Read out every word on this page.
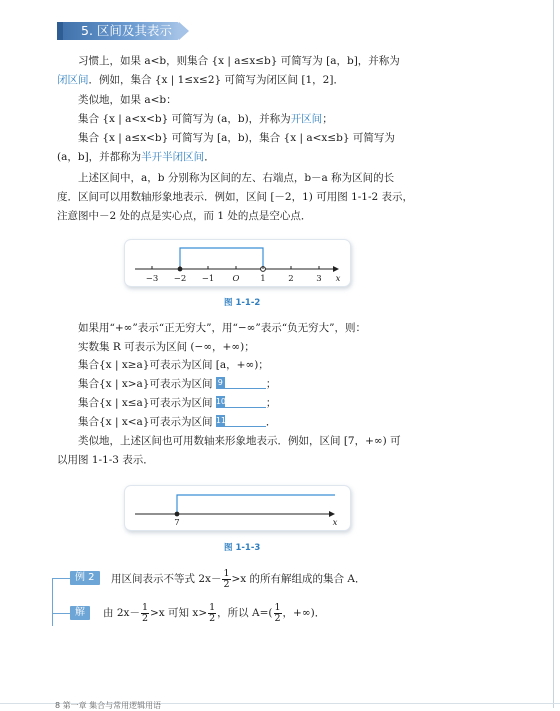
5. 区间及其表示
习惯上，如果 a<b，则集合 {x | a≤x≤b} 可简写为 [a，b]，并称为
闭区间．例如，集合 {x | 1≤x≤2} 可简写为闭区间 [1，2]．
类似地，如果 a<b：
集合 {x | a<x<b} 可简写为 (a，b)，并称为开区间；
集合 {x | a≤x<b} 可简写为 [a，b)，集合 {x | a<x≤b} 可简写为
(a，b]，并都称为半开半闭区间．
上述区间中，a，b 分别称为区间的左、右端点，b－a 称为区间的长
度．区间可以用数轴形象地表示．例如，区间 [－2，1) 可用图 1-1-2 表示，
注意图中－2 处的点是实心点，而 1 处的点是空心点．
−3 −2 −1 O 1	2	3 x
图 1-1-2
如果用“+∞”表示“正无穷大”，用“−∞”表示“负无穷大”，则：
实数集 R 可表示为区间 (−∞，+∞)；
集合{x | x≥a}可表示为区间 [a，+∞)；
集合{x | x>a}可表示为区间 9	；
集合{x | x≤a}可表示为区间 10	；
集合{x | x<a}可表示为区间 11	．
类似地，上述区间也可用数轴来形象地表示．例如，区间 [7，+∞) 可
以用图 1-1-3 表示．
7	x
图 1-1-3
例 2	用区间表示不等式 $2x- \frac{1}{2} >x$ 的所有解组成的集合 A．
解	由 $2x- \frac{1}{2} >x$ 可知 $x> \frac{1}{2}$ ，所以 $A=( \frac{1}{2}$ ，+∞)．
8 第一章 集合与常用逻辑用语
